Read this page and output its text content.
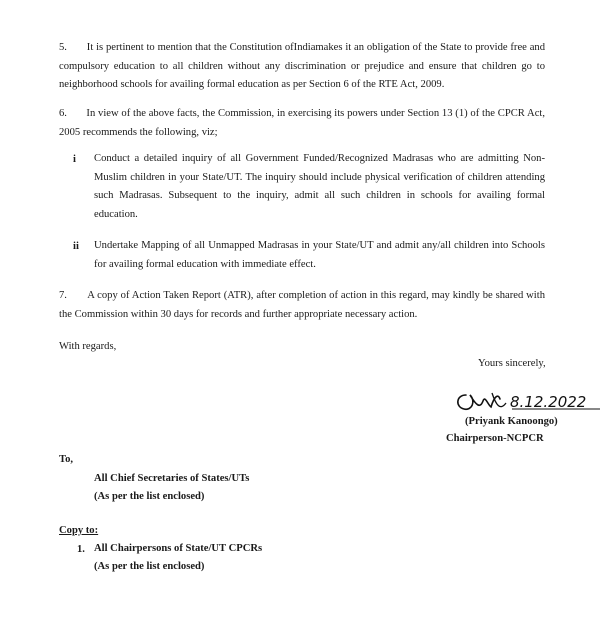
5.       It is pertinent to mention that the Constitution ofIndiamakes it an obligation of the State to provide free and compulsory education to all children without any discrimination or prejudice and ensure that children go to neighborhood schools for availing formal education as per Section 6 of the RTE Act, 2009.
6.       In view of the above facts, the Commission, in exercising its powers under Section 13 (1) of the CPCR Act, 2005 recommends the following, viz;
i Conduct a detailed inquiry of all Government Funded/Recognized Madrasas who are admitting Non-Muslim children in your State/UT. The inquiry should include physical verification of children attending such Madrasas. Subsequent to the inquiry, admit all such children in schools for availing formal education.
ii Undertake Mapping of all Unmapped Madrasas in your State/UT and admit any/all children into Schools for availing formal education with immediate effect.
7.       A copy of Action Taken Report (ATR), after completion of action in this regard, may kindly be shared with the Commission within 30 days for records and further appropriate necessary action.
With regards,
Yours sincerely,
8.12.2022
(Priyank Kanoongo)
Chairperson-NCPCR
To,
All Chief Secretaries of States/UTs
(As per the list enclosed)
Copy to:
1. All Chairpersons of State/UT CPCRs
(As per the list enclosed)
